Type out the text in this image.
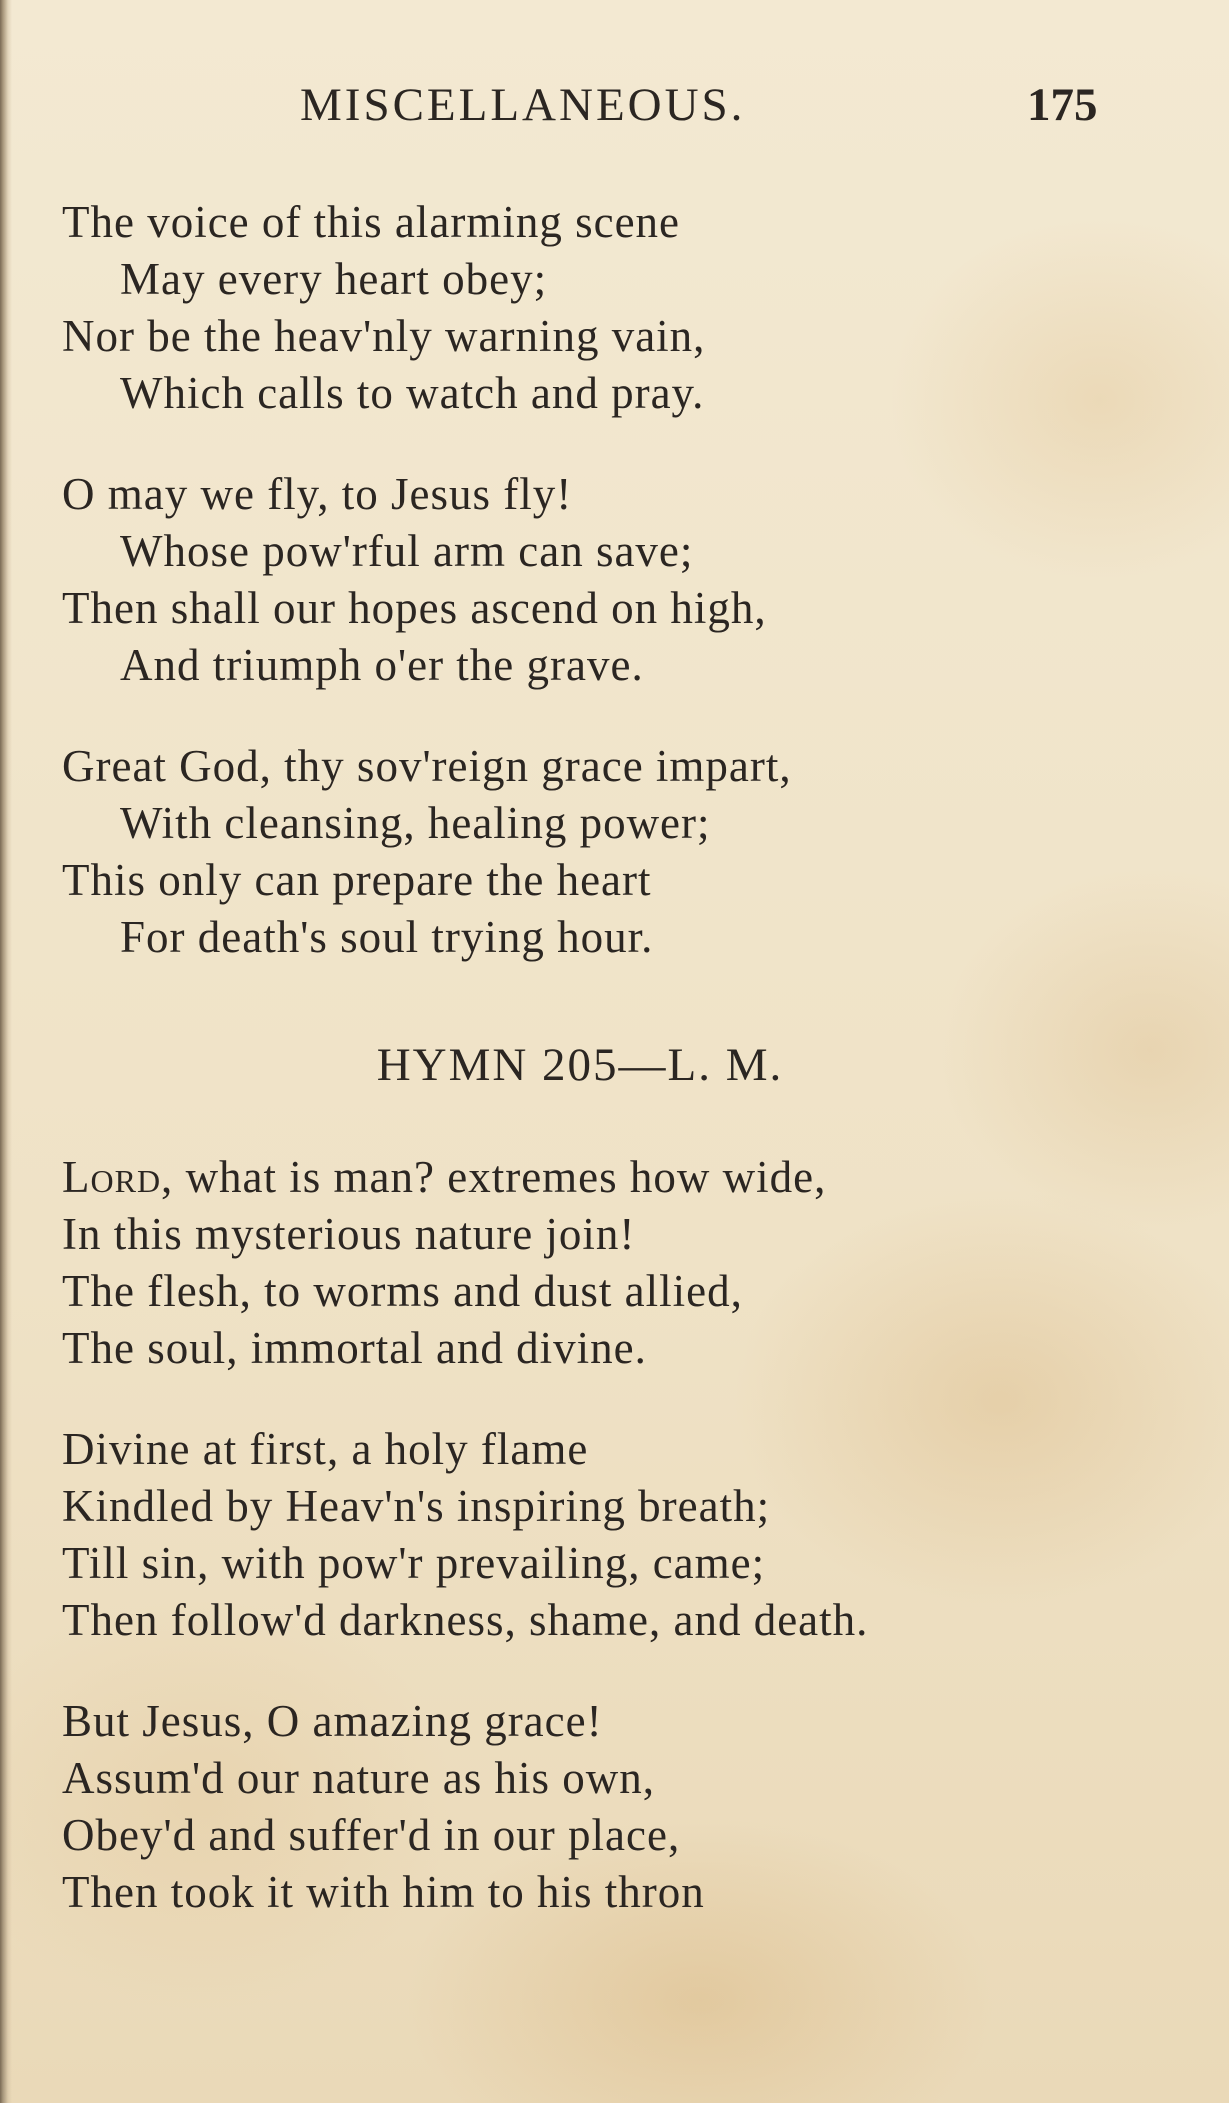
MISCELLANEOUS.	175
The voice of this alarming scene
May every heart obey;
Nor be the heav'nly warning vain,
Which calls to watch and pray.
O may we fly, to Jesus fly!
Whose pow'rful arm can save;
Then shall our hopes ascend on high,
And triumph o'er the grave.
Great God, thy sov'reign grace impart,
With cleansing, healing power;
This only can prepare the heart
For death's soul trying hour.
HYMN 205—L. M.
Lord, what is man? extremes how wide,
In this mysterious nature join!
The flesh, to worms and dust allied,
The soul, immortal and divine.
Divine at first, a holy flame
Kindled by Heav'n's inspiring breath;
Till sin, with pow'r prevailing, came;
Then follow'd darkness, shame, and death.
But Jesus, O amazing grace!
Assum'd our nature as his own,
Obey'd and suffer'd in our place,
Then took it with him to his thron
